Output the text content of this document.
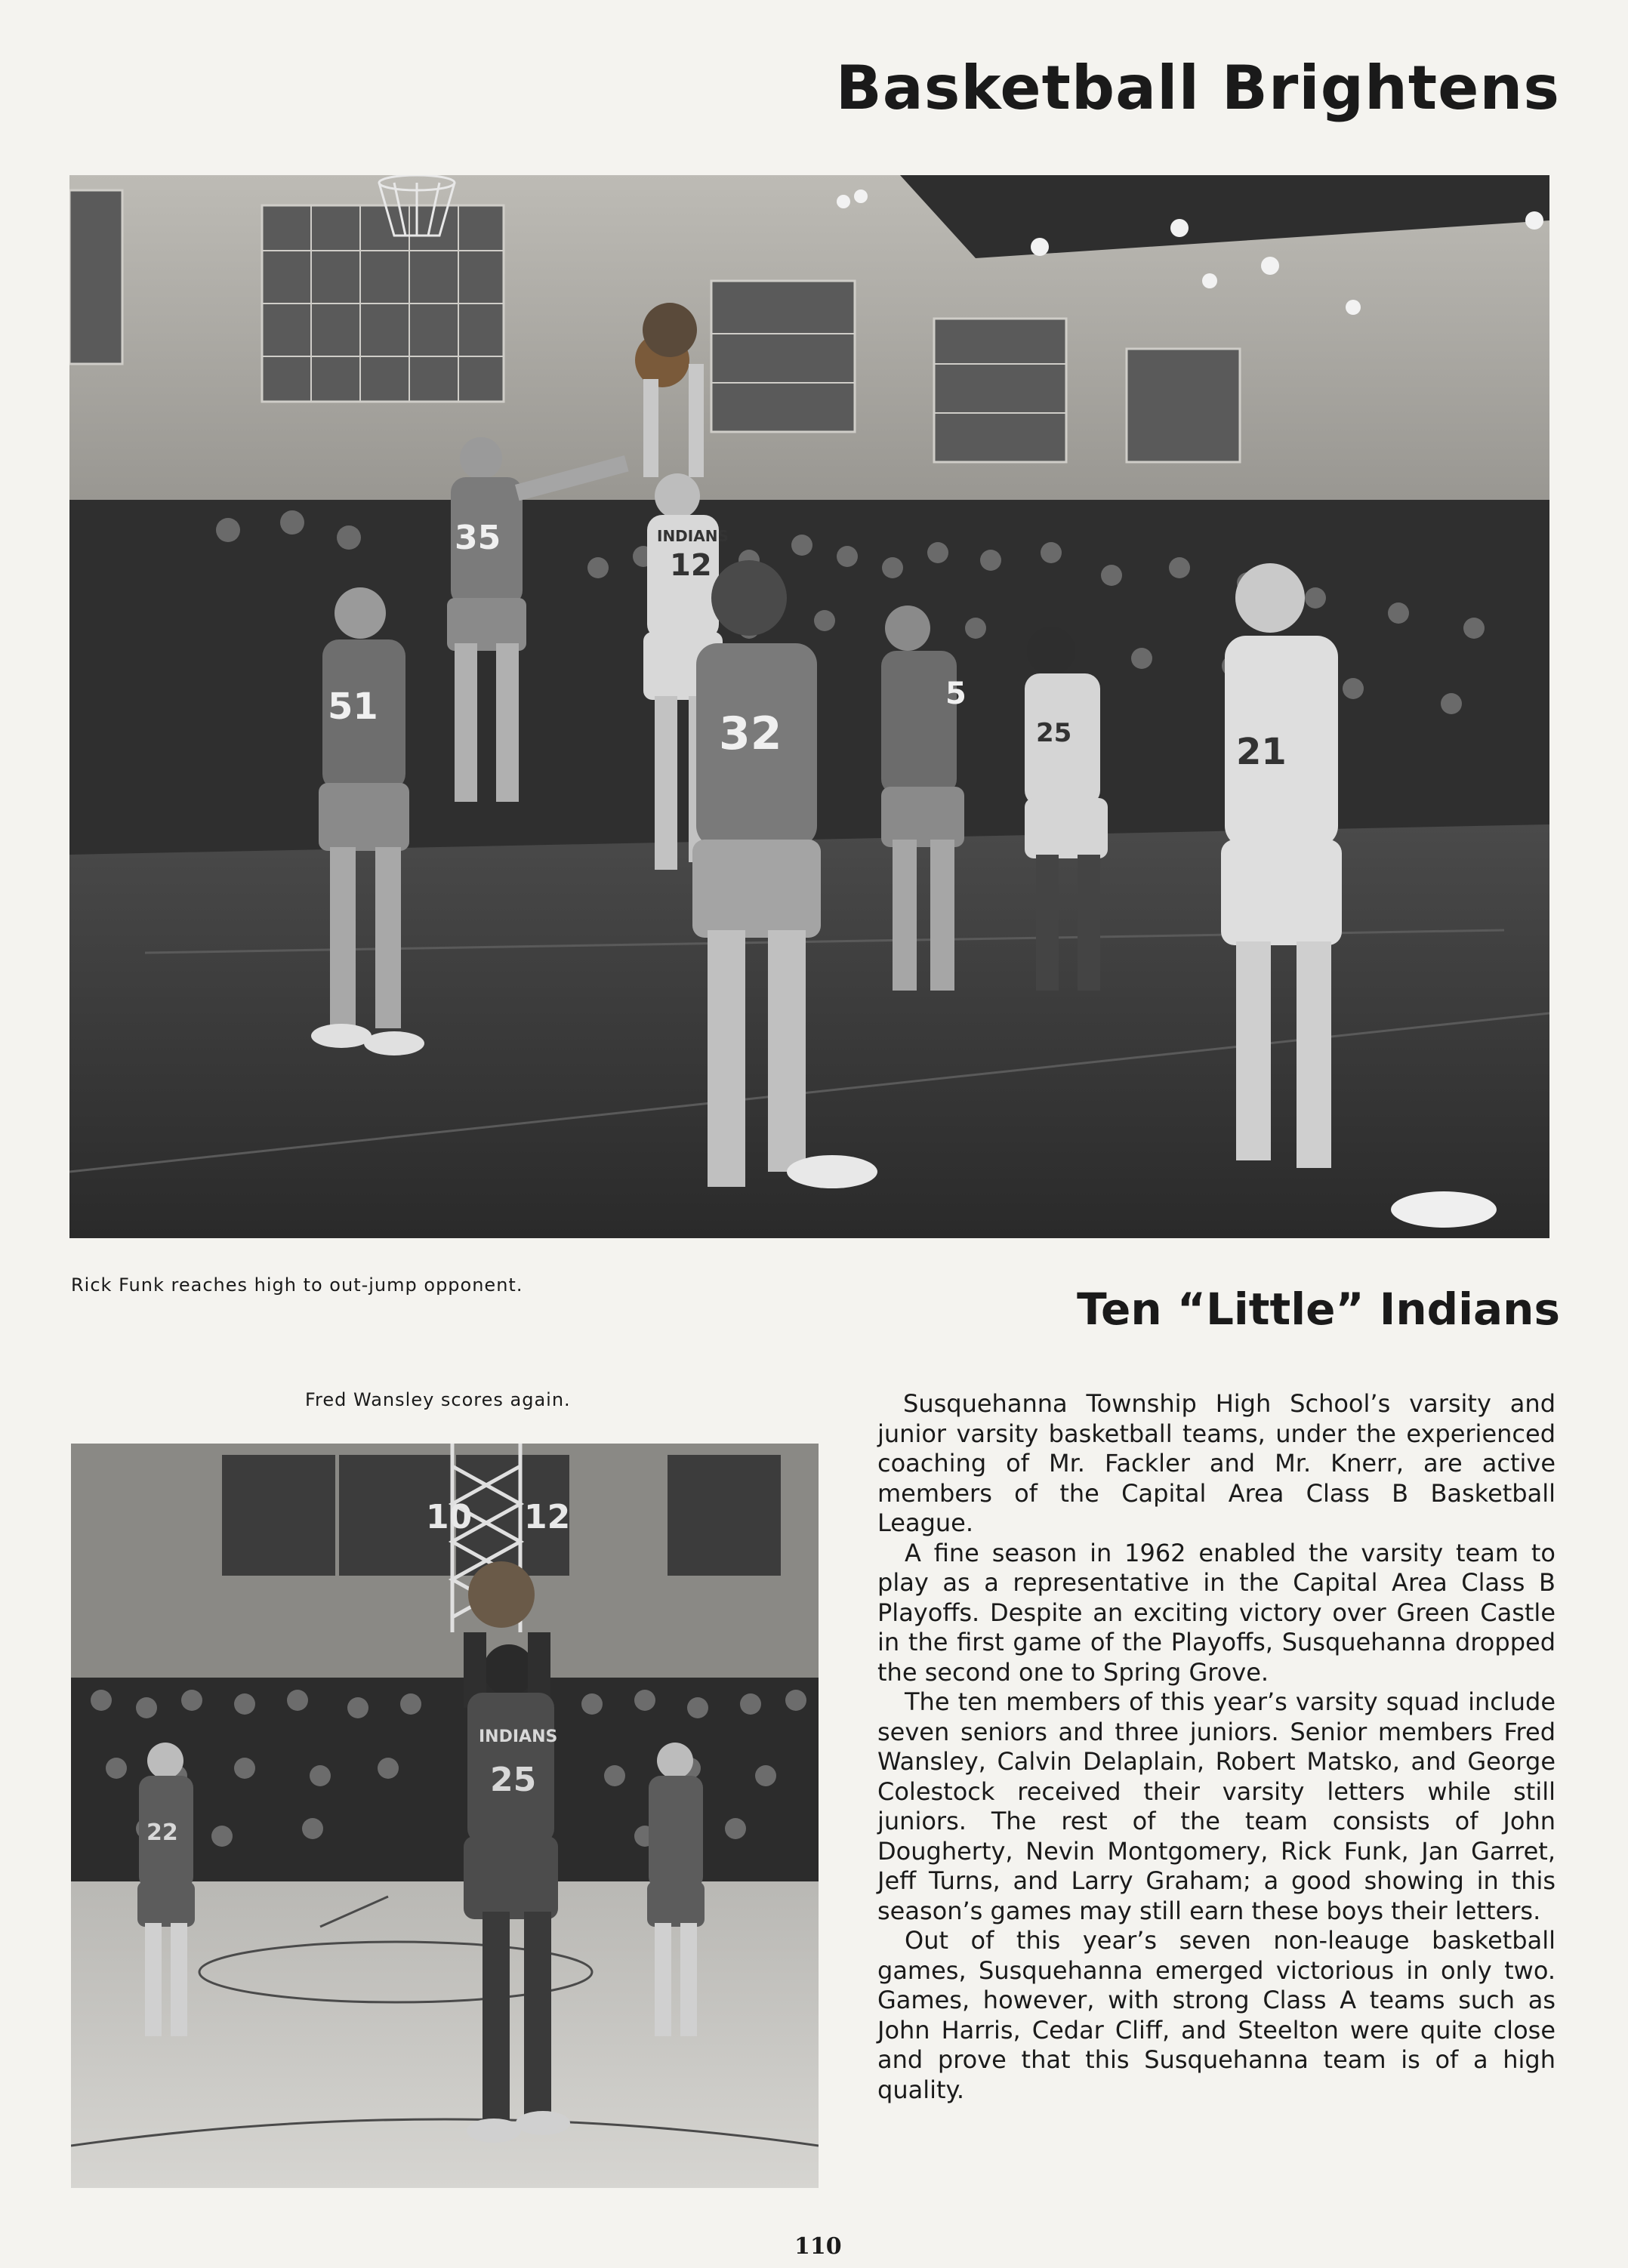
Basketball Brightens
35
12
51
32
5
25	21
INDIANS

Rick Funk reaches high to out-jump opponent.	Ten “Little” Indians

Fred Wansley scores again.

10 12
22
25
INDIANS

Susquehanna Township High School’s varsity and junior varsity basketball teams, under the experienced coaching of Mr. Fackler and Mr. Knerr, are active members of the Capital Area Class B Basketball League.

A fine season in 1962 enabled the varsity team to play as a representative in the Capital Area Class B Playoffs. Despite an exciting victory over Green Castle in the first game of the Playoffs, Susquehanna dropped the second one to Spring Grove.

The ten members of this year’s varsity squad include seven seniors and three juniors. Senior members Fred Wansley, Calvin Delaplain, Robert Matsko, and George Colestock received their varsity letters while still juniors. The rest of the team consists of John Dougherty, Nevin Montgomery, Rick Funk, Jan Garret, Jeff Turns, and Larry Graham; a good showing in this season’s games may still earn these boys their letters.

Out of this year’s seven non-leauge basketball games, Susquehanna emerged victorious in only two. Games, however, with strong Class A teams such as John Harris, Cedar Cliff, and Steelton were quite close and prove that this Susquehanna team is of a high quality.

110
